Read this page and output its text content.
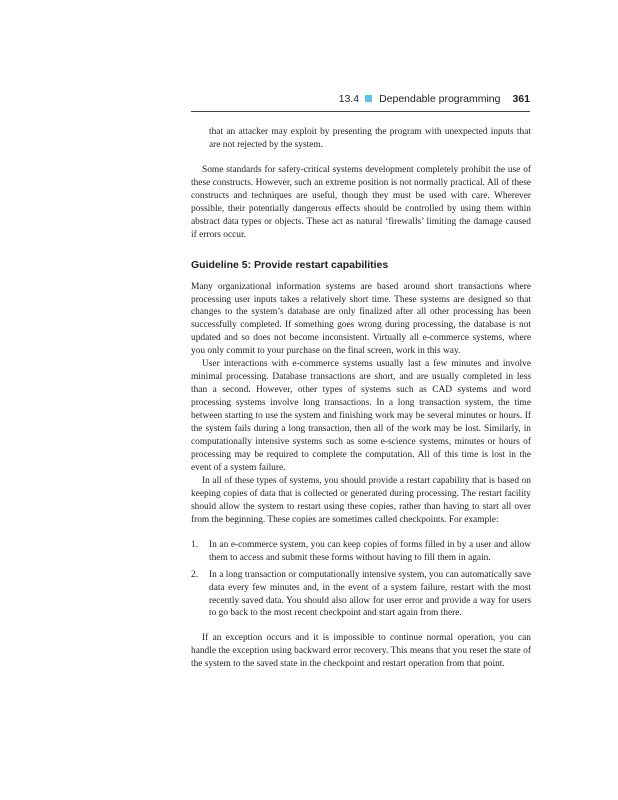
13.4 Dependable programming 361

that an attacker may exploit by presenting the program with unexpected inputs that are not rejected by the system.

Some standards for safety-critical systems development completely prohibit the use of these constructs. However, such an extreme position is not normally practical. All of these constructs and techniques are useful, though they must be used with care. Wherever possible, their potentially dangerous effects should be controlled by using them within abstract data types or objects. These act as natural ‘firewalls’ limiting the damage caused if errors occur.

Guideline 5: Provide restart capabilities

Many organizational information systems are based around short transactions where processing user inputs takes a relatively short time. These systems are designed so that changes to the system’s database are only finalized after all other processing has been successfully completed. If something goes wrong during processing, the database is not updated and so does not become inconsistent. Virtually all e-commerce systems, where you only commit to your purchase on the final screen, work in this way.

User interactions with e-commerce systems usually last a few minutes and involve minimal processing. Database transactions are short, and are usually completed in less than a second. However, other types of systems such as CAD systems and word processing systems involve long transactions. In a long transaction system, the time between starting to use the system and finishing work may be several minutes or hours. If the system fails during a long transaction, then all of the work may be lost. Similarly, in computationally intensive systems such as some e-science systems, minutes or hours of processing may be required to complete the computation. All of this time is lost in the event of a system failure.

In all of these types of systems, you should provide a restart capability that is based on keeping copies of data that is collected or generated during processing. The restart facility should allow the system to restart using these copies, rather than having to start all over from the beginning. These copies are sometimes called checkpoints. For example:

1. In an e-commerce system, you can keep copies of forms filled in by a user and allow them to access and submit these forms without having to fill them in again.
2. In a long transaction or computationally intensive system, you can automatically save data every few minutes and, in the event of a system failure, restart with the most recently saved data. You should also allow for user error and provide a way for users to go back to the most recent checkpoint and start again from there.

If an exception occurs and it is impossible to continue normal operation, you can handle the exception using backward error recovery. This means that you reset the state of the system to the saved state in the checkpoint and restart operation from that point.
